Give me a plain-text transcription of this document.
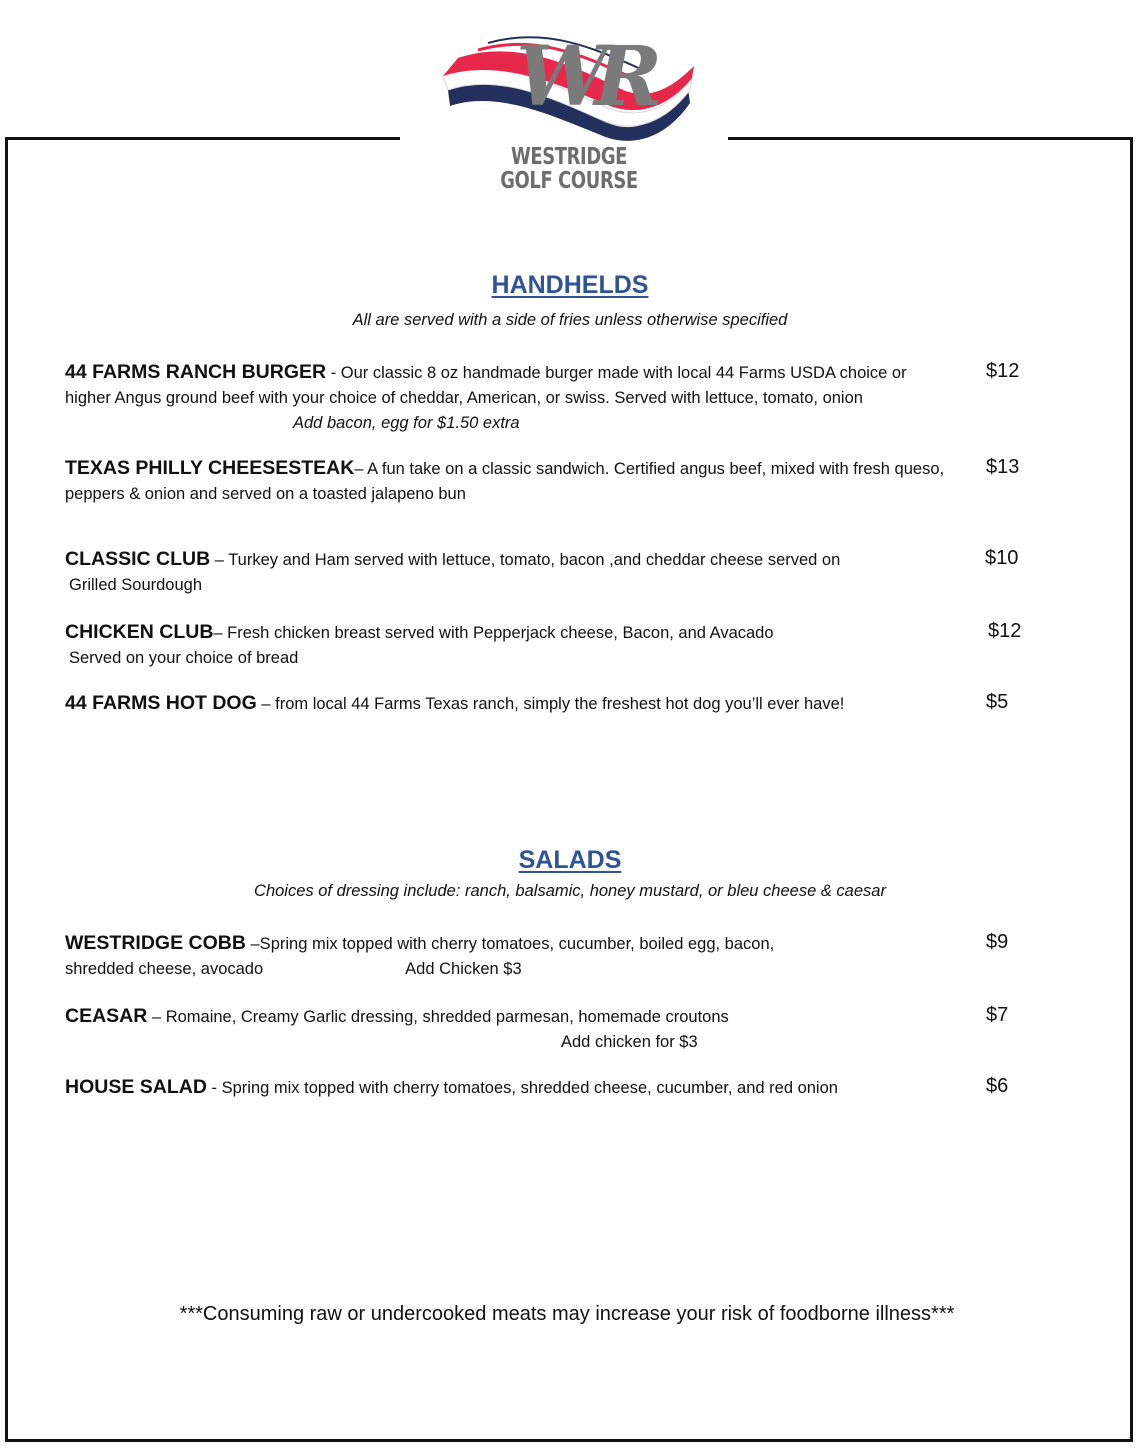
WR
WESTRIDGE
GOLF COURSE
HANDHELDS
All are served with a side of fries unless otherwise specified
44 FARMS RANCH BURGER - Our classic 8 oz handmade burger made with local 44 Farms USDA choice or higher Angus ground beef with your choice of cheddar, American, or swiss. Served with lettuce, tomato, onionAdd bacon, egg for $1.50 extra
$12
TEXAS PHILLY CHEESESTEAK– A fun take on a classic sandwich. Certified angus beef, mixed with fresh queso, peppers & onion and served on a toasted jalapeno bun
$13
CLASSIC CLUB – Turkey and Ham served with lettuce, tomato, bacon ,and cheddar cheese served on
Grilled Sourdough
$10
CHICKEN CLUB– Fresh chicken breast served with Pepperjack cheese, Bacon, and Avacado
Served on your choice of bread
$12
44 FARMS HOT DOG – from local 44 Farms Texas ranch, simply the freshest hot dog you’ll ever have!	$5
SALADS
Choices of dressing include: ranch, balsamic, honey mustard, or bleu cheese & caesar
WESTRIDGE COBB –Spring mix topped with cherry tomatoes, cucumber, boiled egg, bacon,
shredded cheese, avocado	Add Chicken $3
$9
CEASAR – Romaine, Creamy Garlic dressing, shredded parmesan, homemade croutons
Add chicken for $3
$7
HOUSE SALAD - Spring mix topped with cherry tomatoes, shredded cheese, cucumber, and red onion	$6
***Consuming raw or undercooked meats may increase your risk of foodborne illness***
